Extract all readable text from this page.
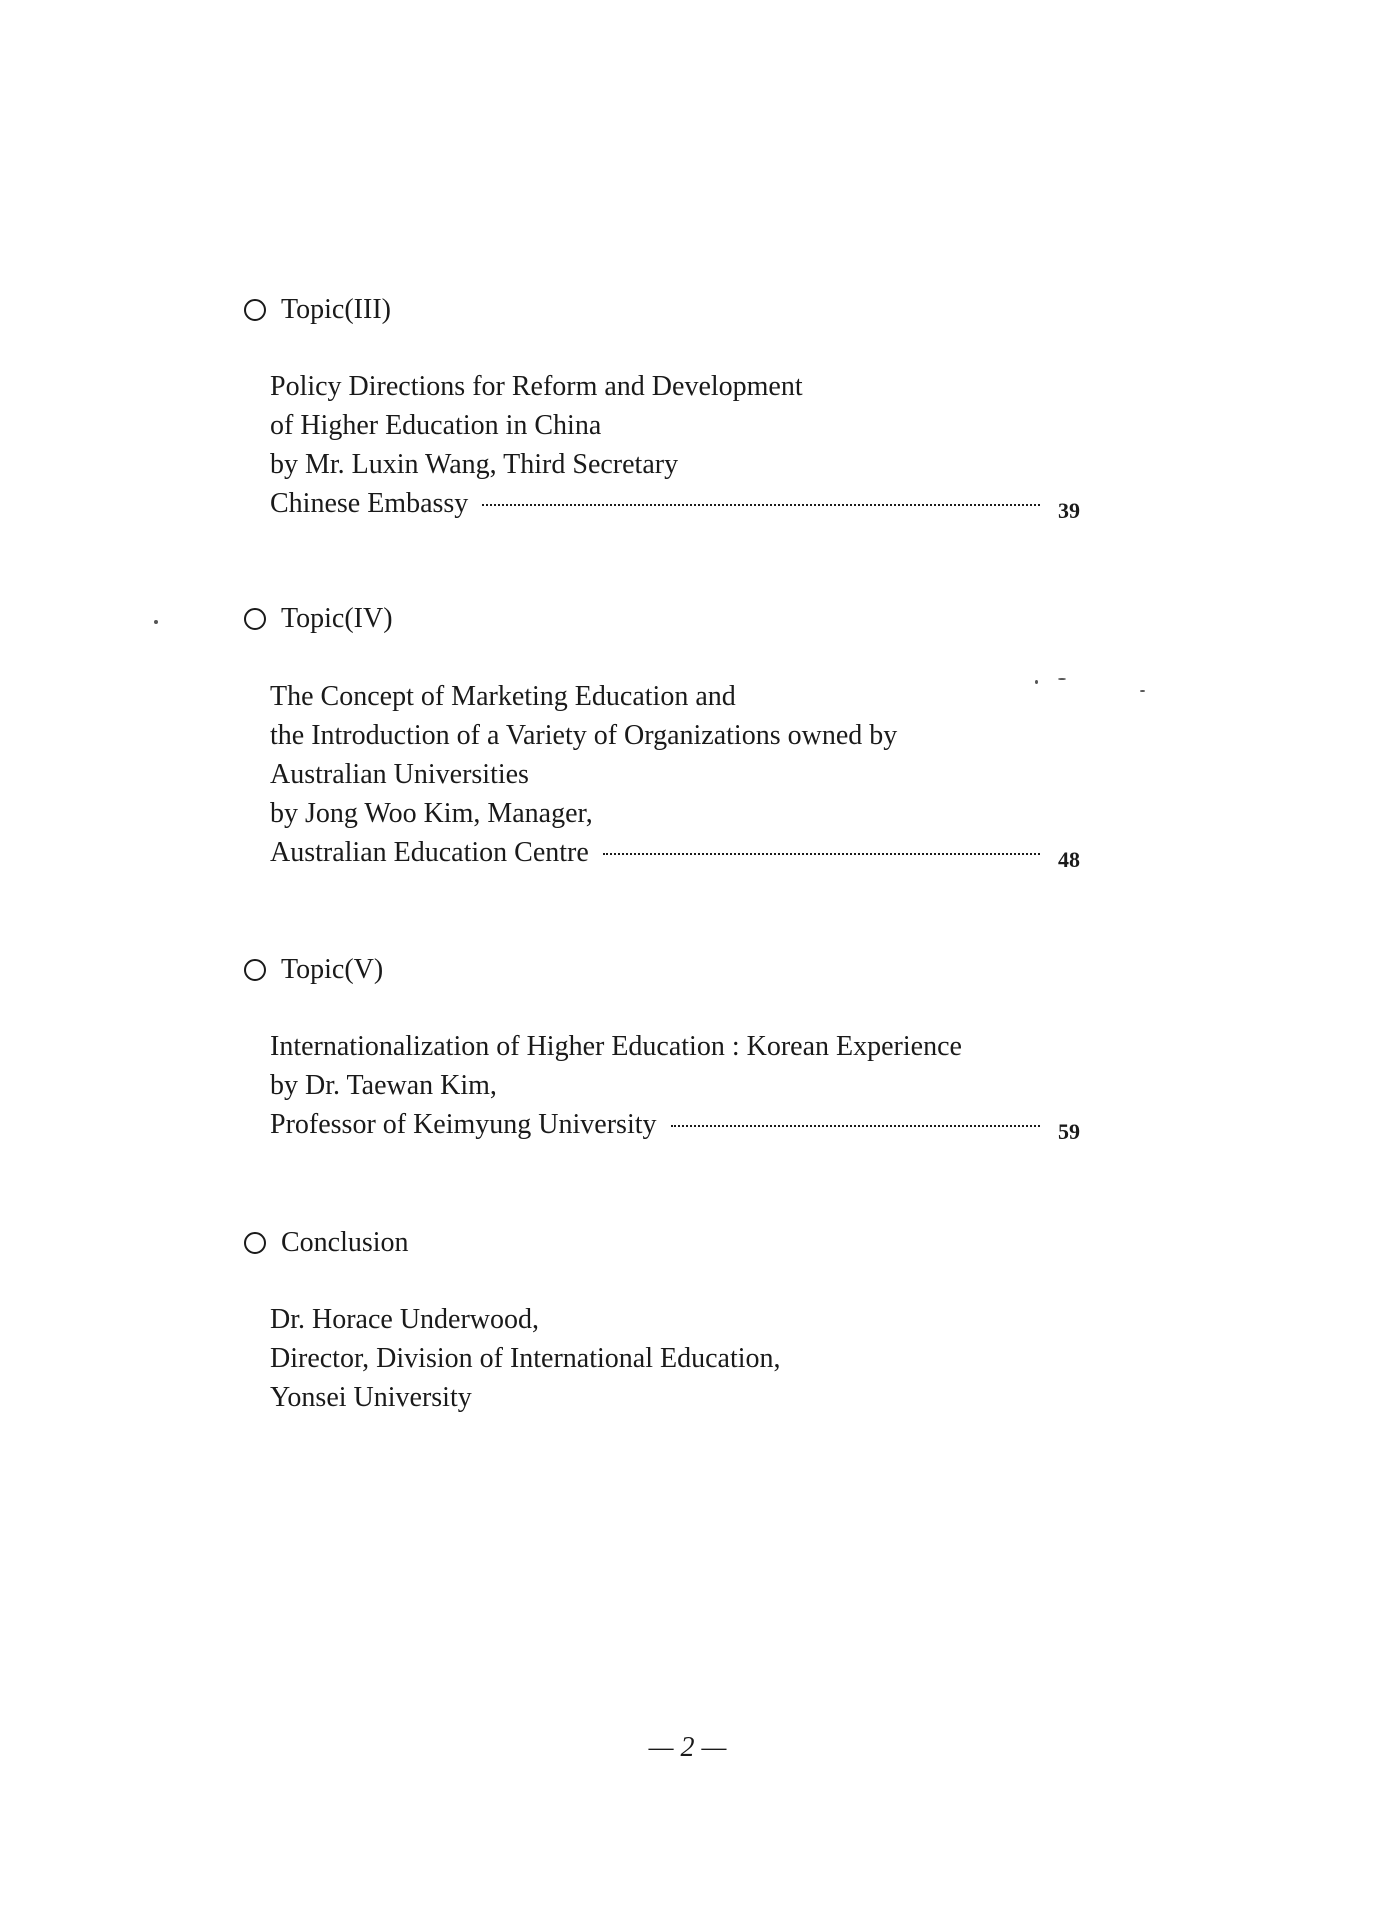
Topic(III)
Policy Directions for Reform and Development
of Higher Education in China
by Mr. Luxin Wang, Third Secretary
Chinese Embassy	39
Topic(IV)
The Concept of Marketing Education and
the Introduction of a Variety of Organizations owned by
Australian Universities
by Jong Woo Kim, Manager,
Australian Education Centre	48
Topic(V)
Internationalization of Higher Education : Korean Experience
by Dr. Taewan Kim,
Professor of Keimyung University	59
Conclusion
Dr. Horace Underwood,
Director, Division of International Education,
Yonsei University
— 2 —
